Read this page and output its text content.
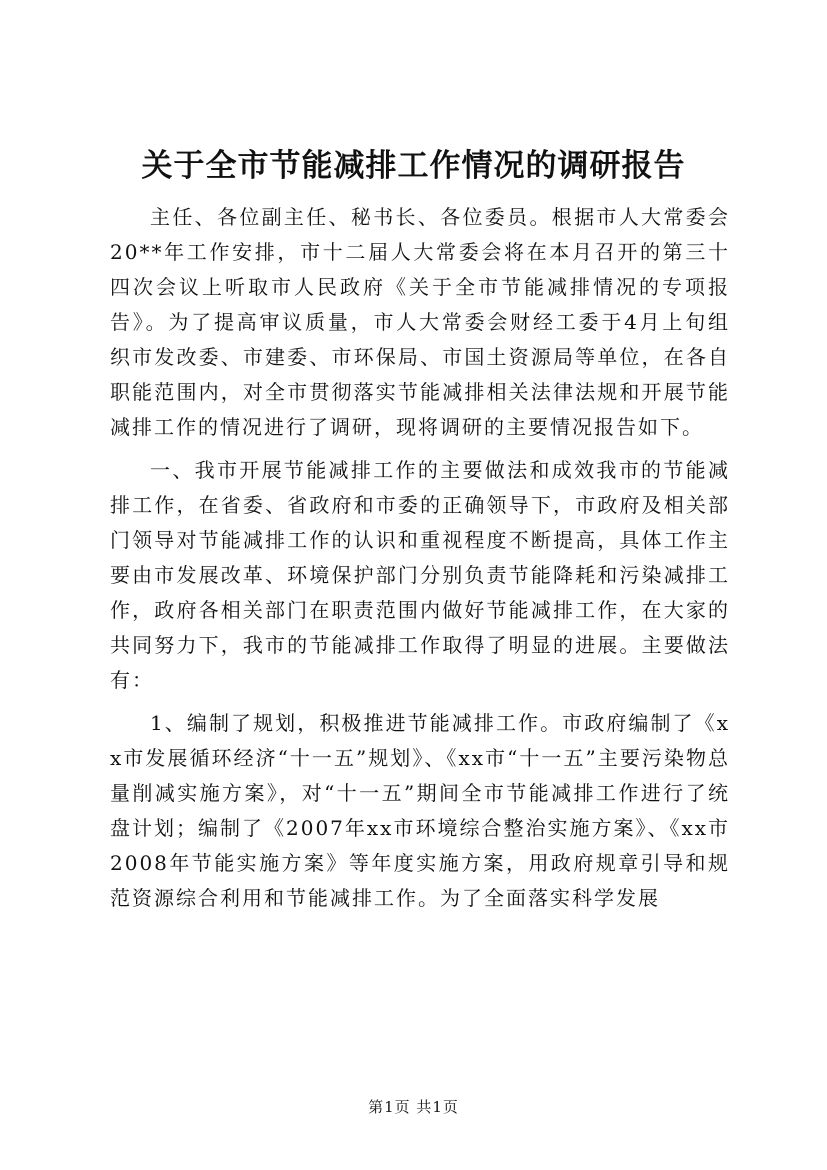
关于全市节能减排工作情况的调研报告

主任、各位副主任、秘书长、各位委员。根据市人大常委会20**年工作安排，市十二届人大常委会将在本月召开的第三十四次会议上听取市人民政府《关于全市节能减排情况的专项报告》。为了提高审议质量，市人大常委会财经工委于4月上旬组织市发改委、市建委、市环保局、市国土资源局等单位，在各自职能范围内，对全市贯彻落实节能减排相关法律法规和开展节能减排工作的情况进行了调研，现将调研的主要情况报告如下。

一、我市开展节能减排工作的主要做法和成效我市的节能减排工作，在省委、省政府和市委的正确领导下，市政府及相关部门领导对节能减排工作的认识和重视程度不断提高，具体工作主要由市发展改革、环境保护部门分别负责节能降耗和污染减排工作，政府各相关部门在职责范围内做好节能减排工作，在大家的共同努力下，我市的节能减排工作取得了明显的进展。主要做法有：

1、编制了规划，积极推进节能减排工作。市政府编制了《xx市发展循环经济“十一五”规划》、《xx市“十一五”主要污染物总量削减实施方案》，对“十一五”期间全市节能减排工作进行了统盘计划；编制了《2007年xx市环境综合整治实施方案》、《xx市2008年节能实施方案》等年度实施方案，用政府规章引导和规范资源综合利用和节能减排工作。为了全面落实科学发展

第1页 共1页
